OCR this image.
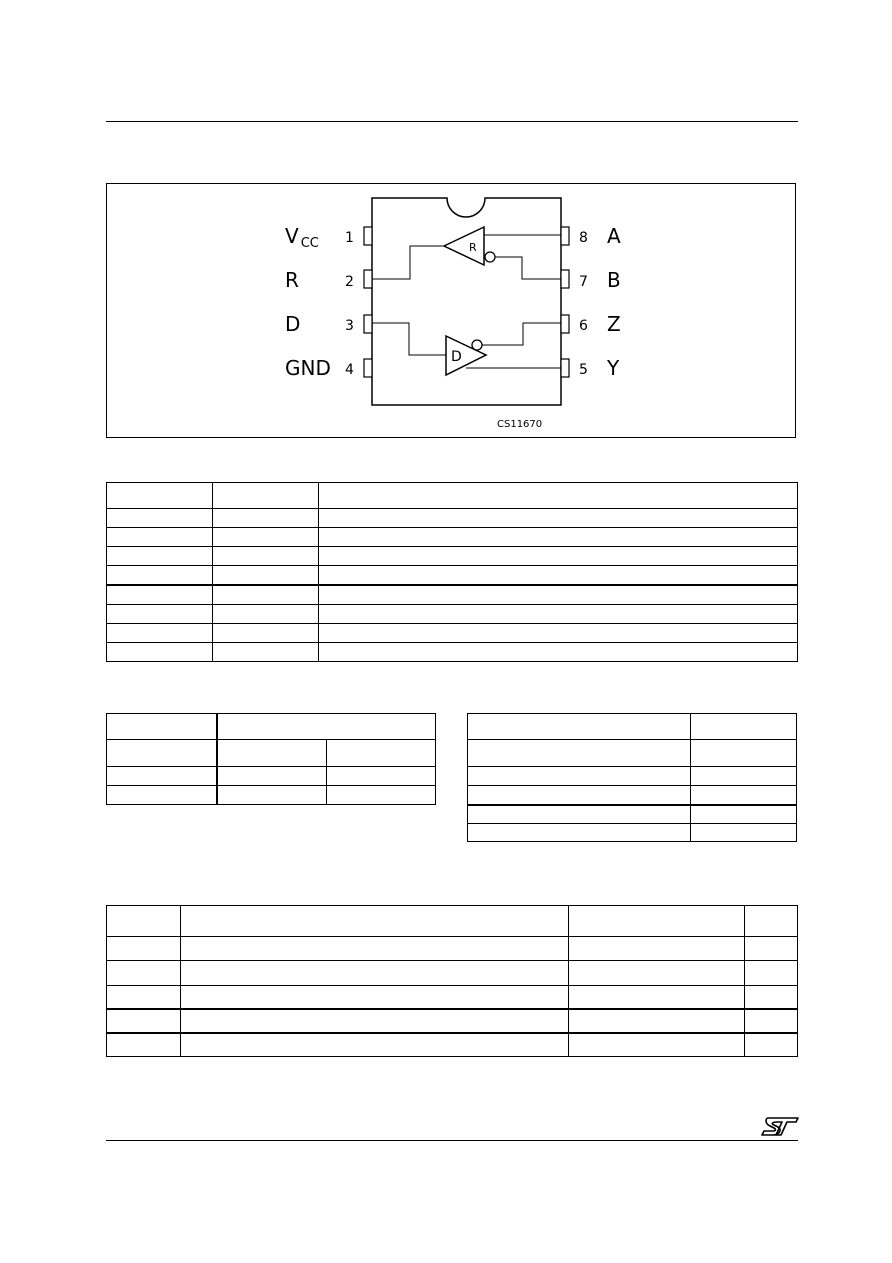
V $_{CC}$ 1
R	2
D	3
GND 4
8 A
7 B
6 Z
5 Y
R
D
CS11670
